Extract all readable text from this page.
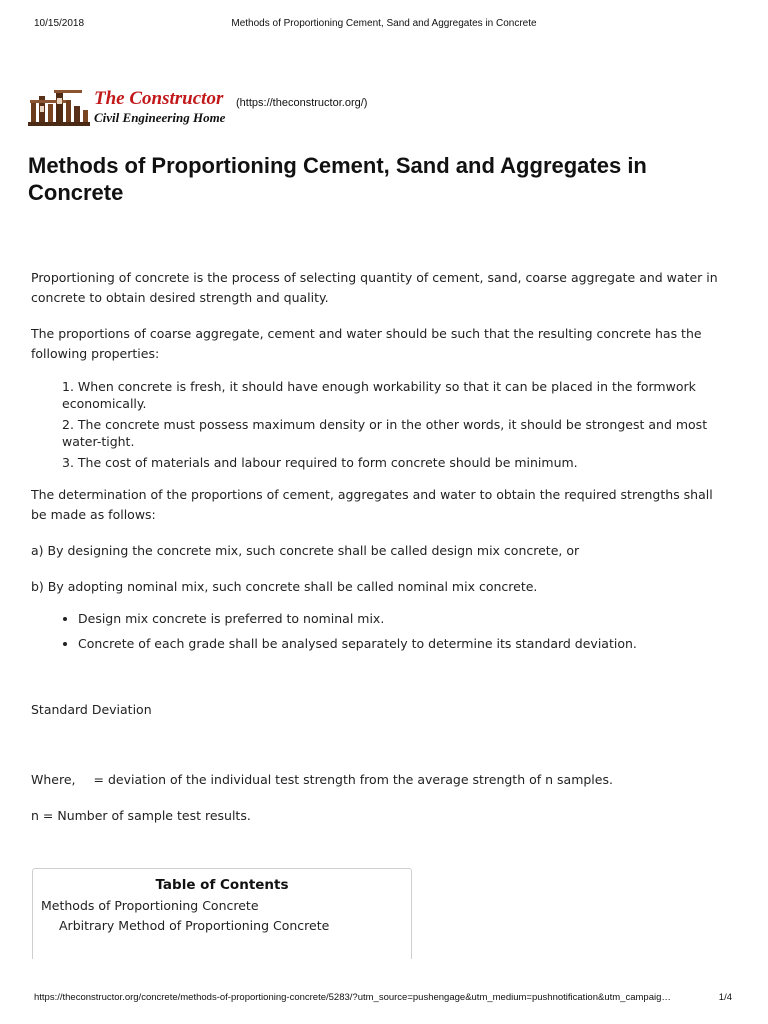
10/15/2018	Methods of Proportioning Cement, Sand and Aggregates in Concrete
The Constructor (https://theconstructor.org/)
Civil Engineering Home
Methods of Proportioning Cement, Sand and Aggregates in Concrete

Proportioning of concrete is the process of selecting quantity of cement, sand, coarse aggregate and water in concrete to obtain desired strength and quality.

The proportions of coarse aggregate, cement and water should be such that the resulting concrete has the following properties:

1. When concrete is fresh, it should have enough workability so that it can be placed in the formwork economically.
2. The concrete must possess maximum density or in the other words, it should be strongest and most water-tight.
3. The cost of materials and labour required to form concrete should be minimum.

The determination of the proportions of cement, aggregates and water to obtain the required strengths shall be made as follows:

a) By designing the concrete mix, such concrete shall be called design mix concrete, or

b) By adopting nominal mix, such concrete shall be called nominal mix concrete.

• Design mix concrete is preferred to nominal mix.
• Concrete of each grade shall be analysed separately to determine its standard deviation.

Standard Deviation

Where, = deviation of the individual test strength from the average strength of n samples.

n = Number of sample test results.

Table of Contents
Methods of Proportioning Concrete
Arbitrary Method of Proportioning Concrete
https://theconstructor.org/concrete/methods-of-proportioning-concrete/5283/?utm_source=pushengage&utm_medium=pushnotification&utm_campaig…	1/4
